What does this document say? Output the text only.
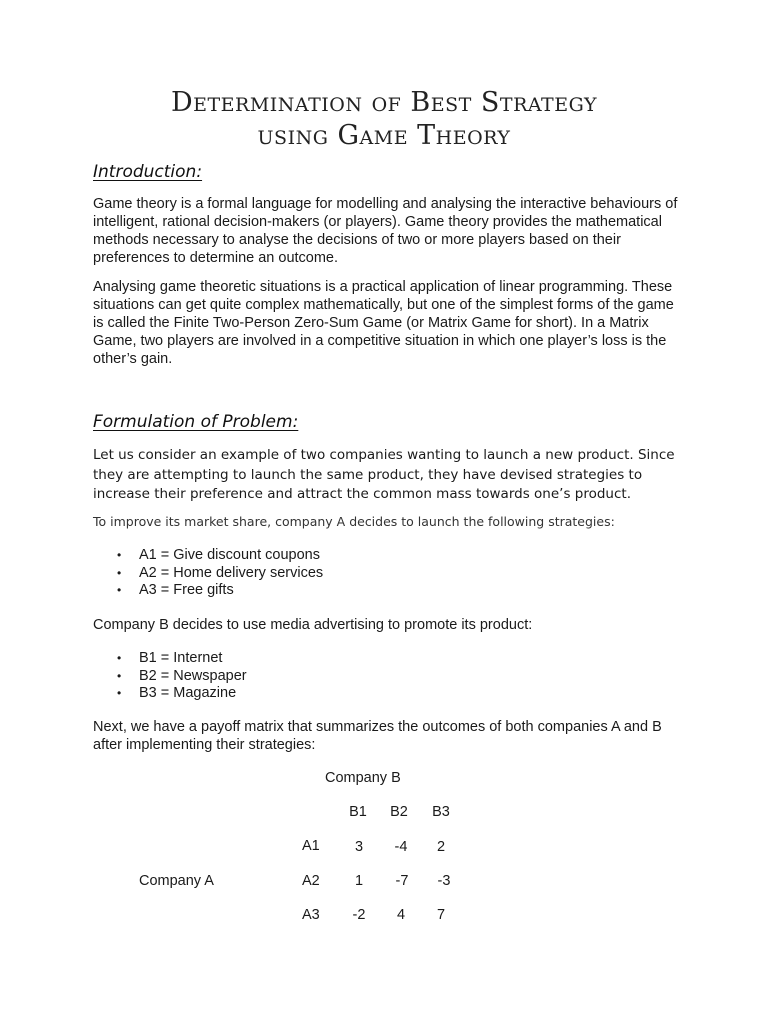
Determination of Best Strategy
using Game Theory
Introduction:
Game theory is a formal language for modelling and analysing the interactive behaviours of intelligent, rational decision-makers (or players). Game theory provides the mathematical methods necessary to analyse the decisions of two or more players based on their preferences to determine an outcome.
Analysing game theoretic situations is a practical application of linear programming. These situations can get quite complex mathematically, but one of the simplest forms of the game is called the Finite Two-Person Zero-Sum Game (or Matrix Game for short). In a Matrix Game, two players are involved in a competitive situation in which one player’s loss is the other’s gain.
Formulation of Problem:
Let us consider an example of two companies wanting to launch a new product. Since they are attempting to launch the same product, they have devised strategies to increase their preference and attract the common mass towards one’s product.
To improve its market share, company A decides to launch the following strategies:
• A1 = Give discount coupons
• A2 = Home delivery services
• A3 = Free gifts
Company B decides to use media advertising to promote its product:
• B1 = Internet
• B2 = Newspaper
• B3 = Magazine
Next, we have a payoff matrix that summarizes the outcomes of both companies A and B after implementing their strategies:
Company B
B1	B2	B3
A1	3	-4	2
Company A	A2	1	-7	-3
A3	-2	4	7
